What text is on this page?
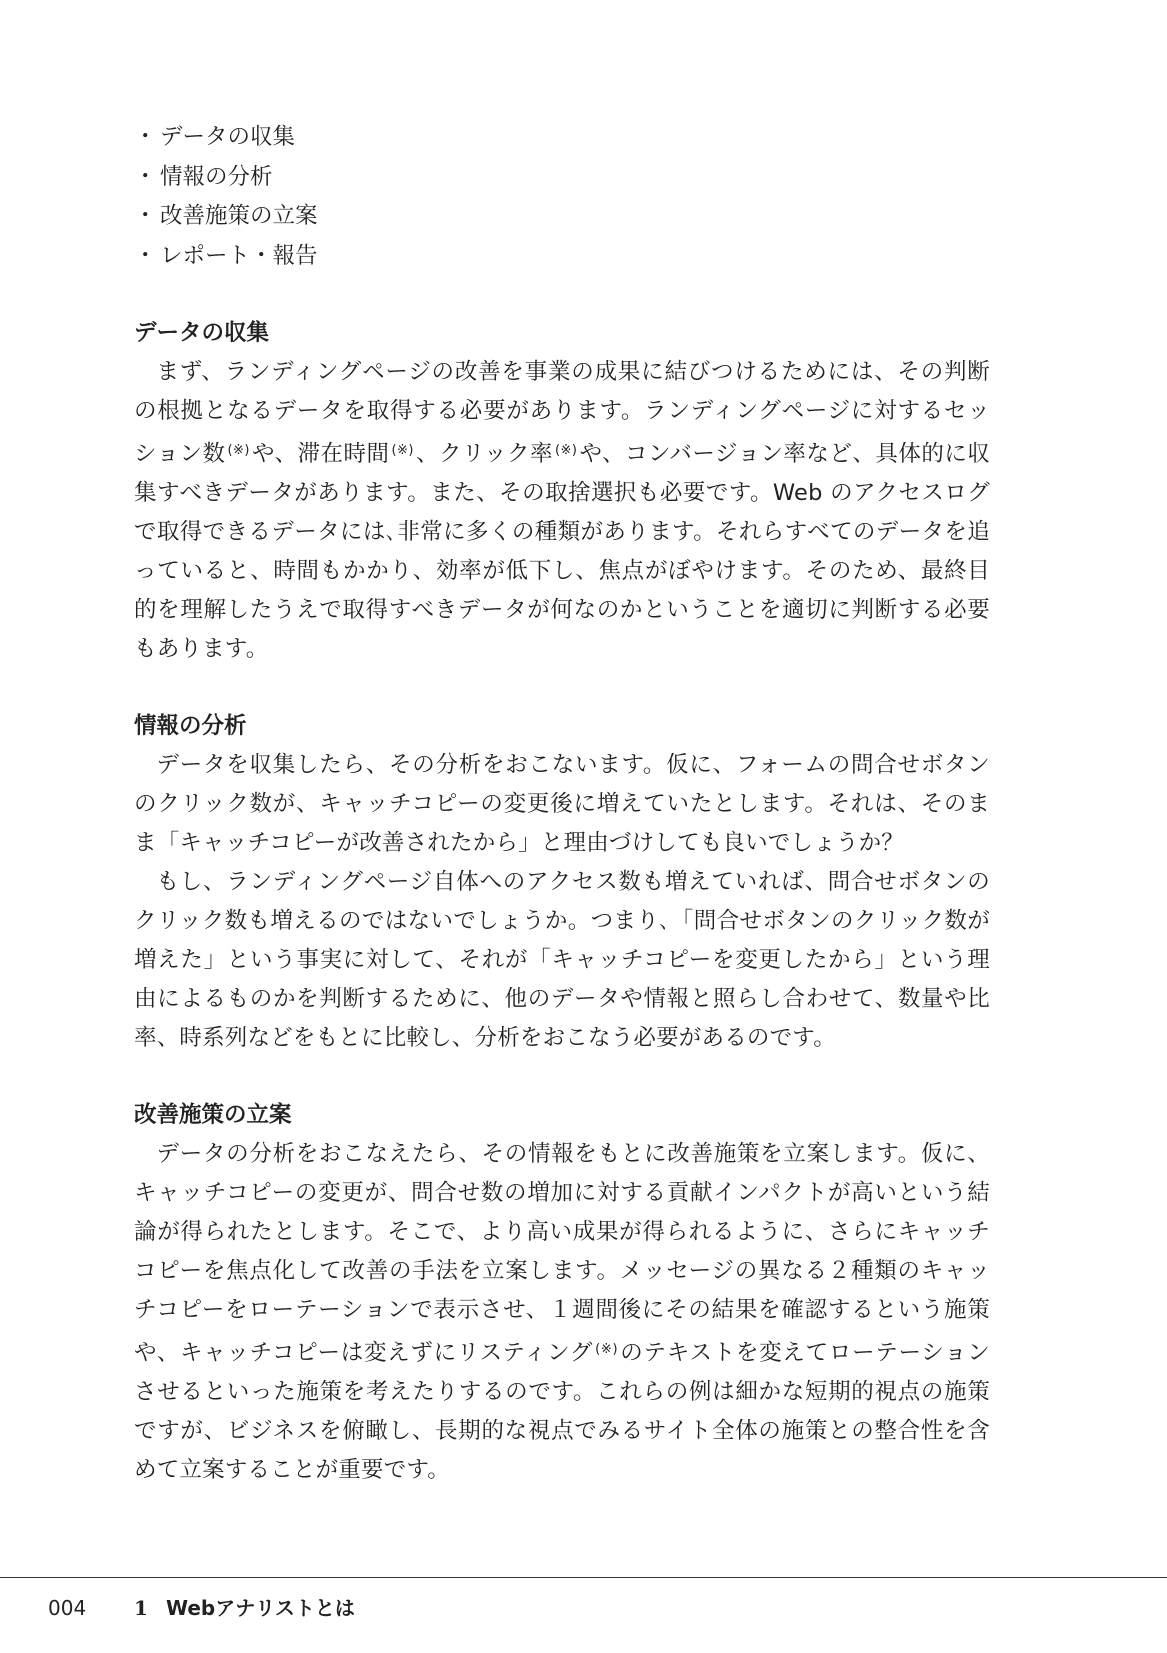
・ データの収集
・ 情報の分析
・ 改善施策の立案
・ レポート・報告
データの収集

まず、ランディングページの改善を事業の成果に結びつけるためには、その判断の根拠となるデータを取得する必要があります。ランディングページに対するセッション数 (※)や、滞在時間 (※)、クリック率 (※)や、コンバージョン率など、具体的に収集すべきデータがあります。また、その取捨選択も必要です。Web のアクセスログで取得できるデータには､非常に多くの種類があります。それらすべてのデータを追っていると、時間もかかり、効率が低下し、焦点がぼやけます。そのため、最終目的を理解したうえで取得すべきデータが何なのかということを適切に判断する必要もあります。

情報の分析

データを収集したら、その分析をおこないます。仮に、フォームの問合せボタンのクリック数が、キャッチコピーの変更後に増えていたとします。それは、そのまま「キャッチコピーが改善されたから」と理由づけしても良いでしょうか？

もし、ランディングページ自体へのアクセス数も増えていれば、問合せボタンのクリック数も増えるのではないでしょうか。つまり､「問合せボタンのクリック数が増えた」という事実に対して、それが「キャッチコピーを変更したから」という理由によるものかを判断するために、他のデータや情報と照らし合わせて、数量や比率、時系列などをもとに比較し、分析をおこなう必要があるのです。

改善施策の立案

データの分析をおこなえたら、その情報をもとに改善施策を立案します。仮に、キャッチコピーの変更が、問合せ数の増加に対する貢献インパクトが高いという結論が得られたとします。そこで、より高い成果が得られるように、さらにキャッチコピーを焦点化して改善の手法を立案します。メッセージの異なる２種類のキャッチコピーをローテーションで表示させ、１週間後にその結果を確認するという施策や、キャッチコピーは変えずにリスティング (※)のテキストを変えてローテーションさせるといった施策を考えたりするのです。これらの例は細かな短期的視点の施策ですが、ビジネスを俯瞰し、長期的な視点でみるサイト全体の施策との整合性を含めて立案することが重要です。

004 1 Webアナリストとは
